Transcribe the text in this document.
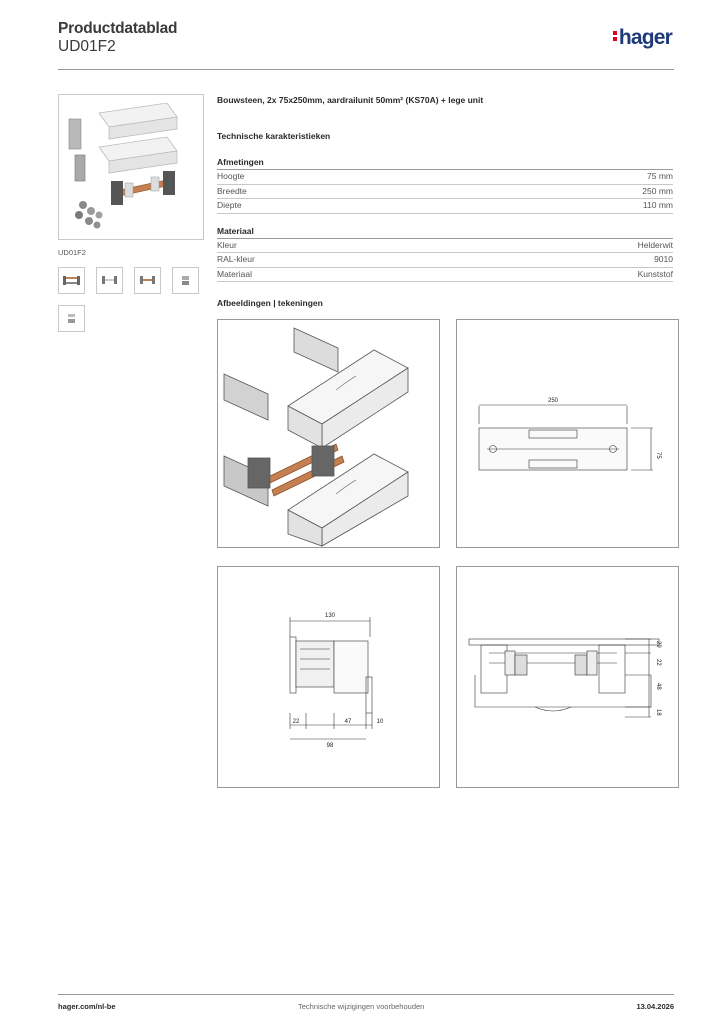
Productdatablad
UD01F2	hager
UD01F2
Bouwsteen, 2x 75x250mm, aardrailunit 50mm² (KS70A) + lege unit
Technische karakteristieken
Afmetingen
Hoogte	75 mm
Breedte	250 mm
Diepte	110 mm
Materiaal
Kleur	Helderwit
RAL-kleur	9010
Materiaal	Kunststof
Afbeeldingen | tekeningen
250
75
130
22	47	10
98
29
22
48
18
hager.com/nl-be	Technische wijzigingen voorbehouden	13.04.2026
